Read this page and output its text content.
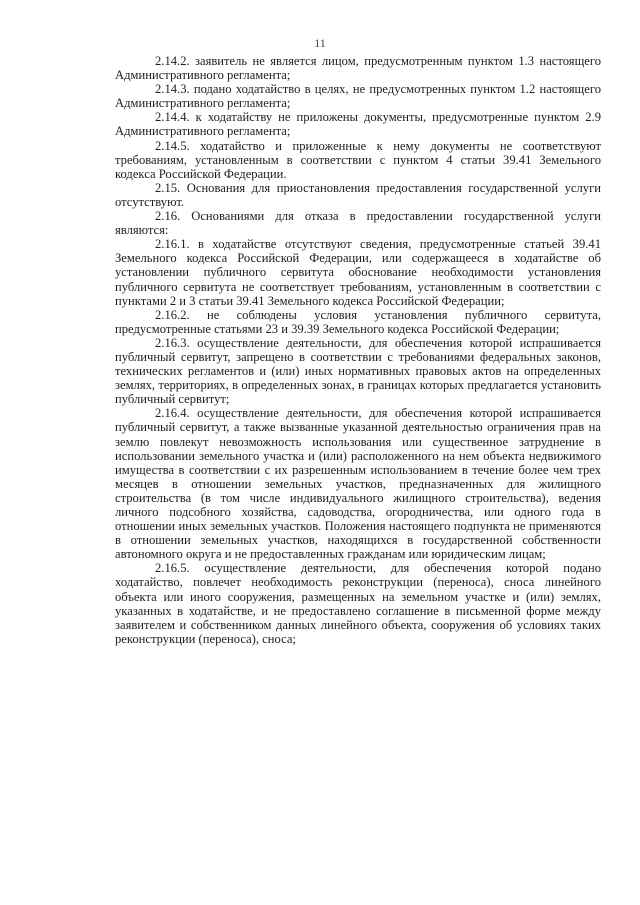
11

2.14.2. заявитель не является лицом, предусмотренным пунктом 1.3 настоящего Административного регламента;

2.14.3. подано ходатайство в целях, не предусмотренных пунктом 1.2 настоящего Административного регламента;

2.14.4. к ходатайству не приложены документы, предусмотренные пунктом 2.9 Административного регламента;

2.14.5. ходатайство и приложенные к нему документы не соответствуют требованиям, установленным в соответствии с пунктом 4 статьи 39.41 Земельного кодекса Российской Федерации.

2.15. Основания для приостановления предоставления государственной услуги отсутствуют.

2.16. Основаниями для отказа в предоставлении государственной услуги являются:

2.16.1. в ходатайстве отсутствуют сведения, предусмотренные статьей 39.41 Земельного кодекса Российской Федерации, или содержащееся в ходатайстве об установлении публичного сервитута обоснование необходимости установления публичного сервитута не соответствует требованиям, установленным в соответствии с пунктами 2 и 3 статьи 39.41 Земельного кодекса Российской Федерации;

2.16.2. не соблюдены условия установления публичного сервитута, предусмотренные статьями 23 и 39.39 Земельного кодекса Российской Федерации;

2.16.3. осуществление деятельности, для обеспечения которой испрашивается публичный сервитут, запрещено в соответствии с требованиями федеральных законов, технических регламентов и (или) иных нормативных правовых актов на определенных землях, территориях, в определенных зонах, в границах которых предлагается установить публичный сервитут;

2.16.4. осуществление деятельности, для обеспечения которой испрашивается публичный сервитут, а также вызванные указанной деятельностью ограничения прав на землю повлекут невозможность использования или существенное затруднение в использовании земельного участка и (или) расположенного на нем объекта недвижимого имущества в соответствии с их разрешенным использованием в течение более чем трех месяцев в отношении земельных участков, предназначенных для жилищного строительства (в том числе индивидуального жилищного строительства), ведения личного подсобного хозяйства, садоводства, огородничества, или одного года в отношении иных земельных участков. Положения настоящего подпункта не применяются в отношении земельных участков, находящихся в государственной собственности автономного округа и не предоставленных гражданам или юридическим лицам;

2.16.5. осуществление деятельности, для обеспечения которой подано ходатайство, повлечет необходимость реконструкции (переноса), сноса линейного объекта или иного сооружения, размещенных на земельном участке и (или) землях, указанных в ходатайстве, и не предоставлено соглашение в письменной форме между заявителем и собственником данных линейного объекта, сооружения об условиях таких реконструкции (переноса), сноса;
